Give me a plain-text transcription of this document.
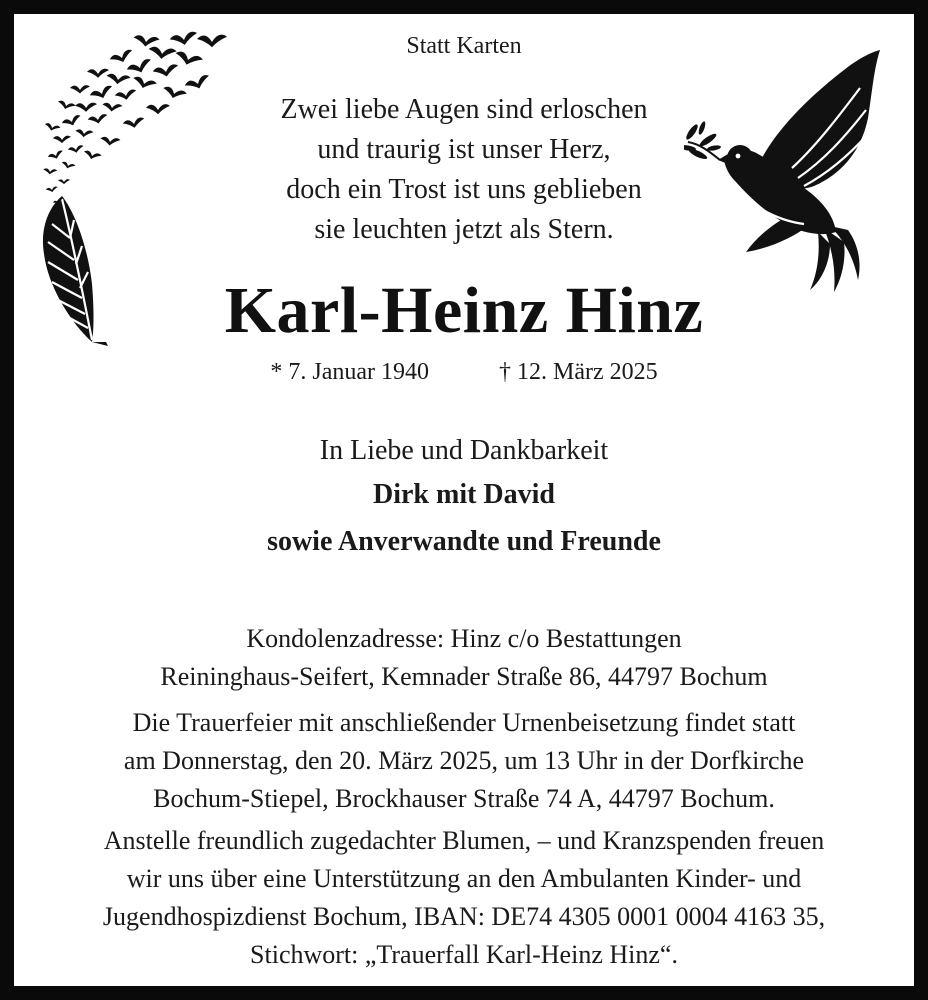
Statt Karten
Zwei liebe Augen sind erloschen
und traurig ist unser Herz,
doch ein Trost ist uns geblieben
sie leuchten jetzt als Stern.
Karl-Heinz Hinz
* 7. Januar 1940	† 12. März 2025
In Liebe und Dankbarkeit
Dirk mit David
sowie Anverwandte und Freunde
Kondolenzadresse: Hinz c/o Bestattungen
Reininghaus-Seifert, Kemnader Straße 86, 44797 Bochum
Die Trauerfeier mit anschließender Urnenbeisetzung findet statt
am Donnerstag, den 20. März 2025, um 13 Uhr in der Dorfkirche
Bochum-Stiepel, Brockhauser Straße 74 A, 44797 Bochum.
Anstelle freundlich zugedachter Blumen, – und Kranzspenden freuen
wir uns über eine Unterstützung an den Ambulanten Kinder- und
Jugendhospizdienst Bochum, IBAN: DE74 4305 0001 0004 4163 35,
Stichwort: „Trauerfall Karl-Heinz Hinz“.
